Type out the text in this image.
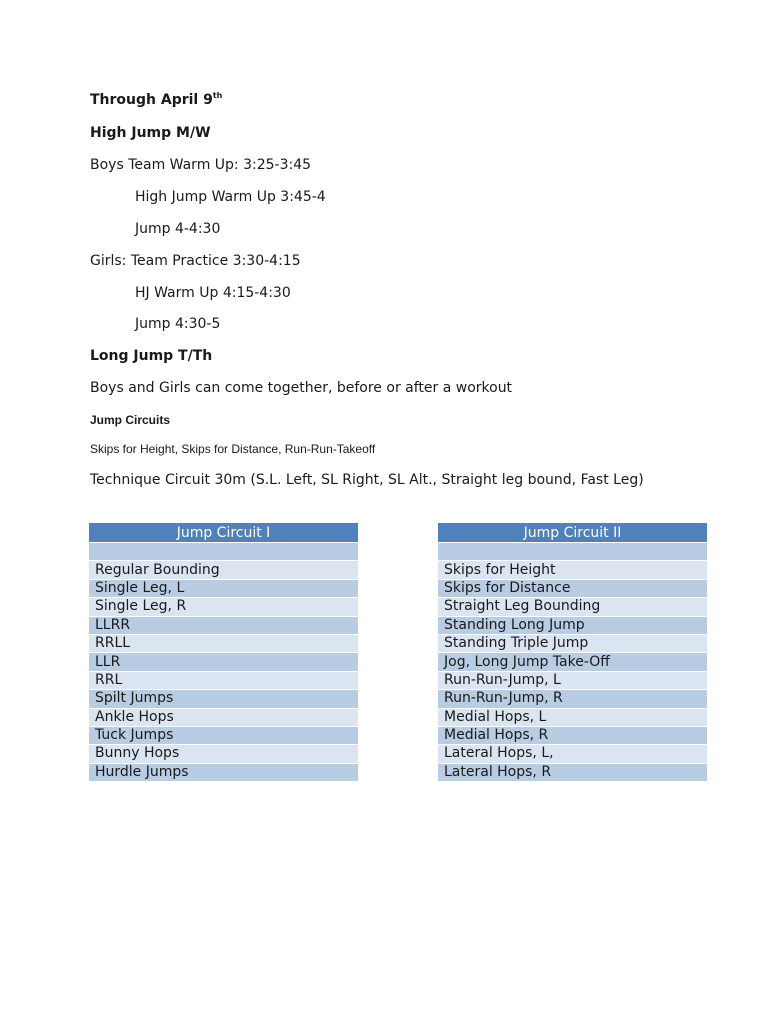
Through April 9th
High Jump M/W
Boys Team Warm Up: 3:25-3:45
High Jump Warm Up 3:45-4
Jump 4-4:30
Girls: Team Practice 3:30-4:15
HJ Warm Up 4:15-4:30
Jump 4:30-5
Long Jump T/Th
Boys and Girls can come together, before or after a workout
Jump Circuits
Skips for Height, Skips for Distance, Run-Run-Takeoff
Technique Circuit 30m (S.L. Left, SL Right, SL Alt., Straight leg bound, Fast Leg)
Jump Circuit I

Regular Bounding
Single Leg, L
Single Leg, R
LLRR
RRLL
LLR
RRL
Spilt Jumps
Ankle Hops
Tuck Jumps
Bunny Hops
Hurdle Jumps
Jump Circuit II

Skips for Height
Skips for Distance
Straight Leg Bounding
Standing Long Jump
Standing Triple Jump
Jog, Long Jump Take-Off
Run-Run-Jump, L
Run-Run-Jump, R
Medial Hops, L
Medial Hops, R
Lateral Hops, L,
Lateral Hops, R
